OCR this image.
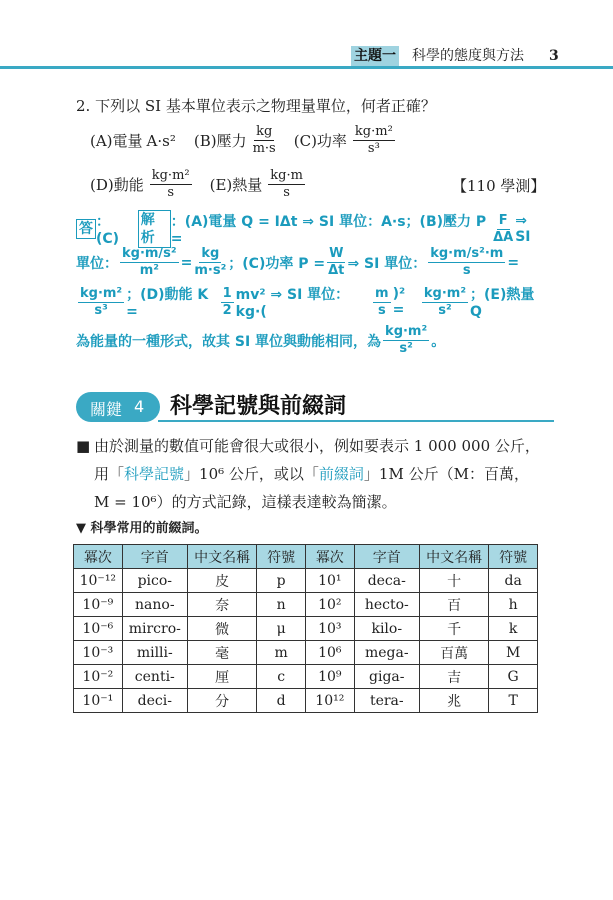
主題一 科學的態度與方法 3
2. 下列以 SI 基本單位表示之物理量單位，何者正確？
(A)電量 A·s² (B)壓力 $\frac{kg}{m\cdot s} (C)$功率 $\frac{\text{kg·m²}}{\text{s³}}$
(D)動能 $\frac{\text{kg·m²}}{s} (E)$熱量 $\frac{kg\cdot m}{s}$	【110 學測】
答 ：(C)
解析
：(A)電量 Q = IΔt ⇒ SI 單位：A·s；(B)壓力 P =	$\frac{F}{\Delta A}$ ⇒ SI
單位： $\frac{\text{kg·m/s²}}{\text{m²}} = \frac{kg}{\text{m·s²}}$ ；(C)功率 $P = \frac{W}{\Delta t}$ ⇒ SI 單位： $\frac{\text{kg·m/s²·m}}{s}$ =
$\frac{\text{kg·m²}}{\text{s³}}$ ；(D)動能 K =	$\frac{1}{2} mv^2$ ⇒ SI 單位：kg·(	$\frac{m}{s} )^2$ =	$\frac{\text{kg·m²}}{\text{s²}}$ ；(E)熱量 Q
為能量的一種形式，故其 SI 單位與動能相同，為 $\frac{\text{kg·m²}}{\text{s²}}$ 。
關鍵 4 科學記號與前綴詞
■ 由於測量的數值可能會很大或很小，例如要表示 1 000 000 公斤，
用「科學記號」10⁶ 公斤，或以「前綴詞」1M 公斤（M：百萬，
M = 10⁶）的方式記錄，這樣表達較為簡潔。
▼ 科學常用的前綴詞。
冪次	字首	中文名稱	符號	冪次	字首	中文名稱	符號
10⁻¹²	pico-	皮	p	10¹	deca-	十	da
10⁻⁹	nano-	奈	n	10²	hecto-	百	h
10⁻⁶	mircro-	微	μ	10³	kilo-	千	k
10⁻³	milli-	毫	m	10⁶	mega-	百萬	M
10⁻²	centi-	厘	c	10⁹	giga-	吉	G
10⁻¹	deci-	分	d	10¹²	tera-	兆	T
